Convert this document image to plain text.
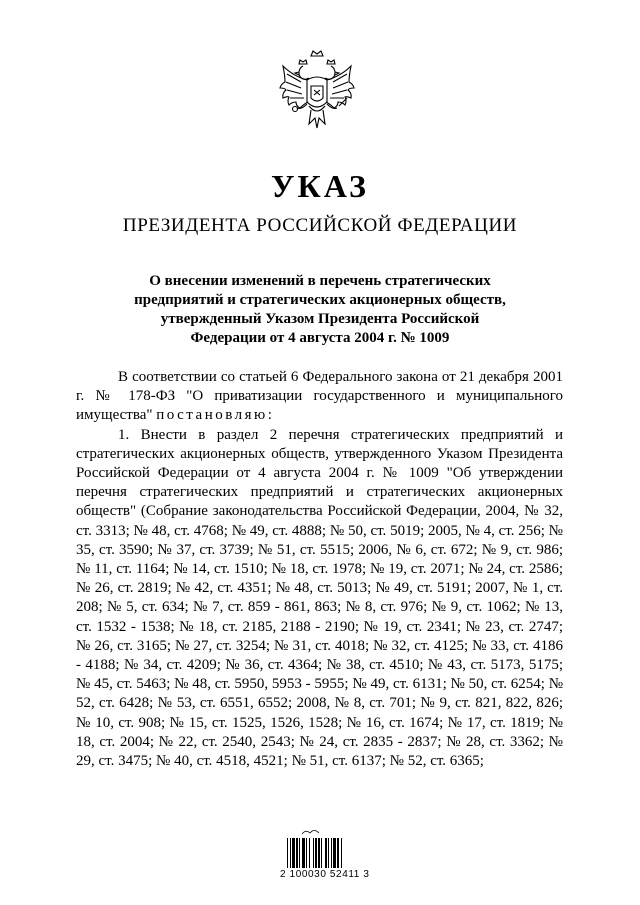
УКАЗ
ПРЕЗИДЕНТА РОССИЙСКОЙ ФЕДЕРАЦИИ
О внесении изменений в перечень стратегических
предприятий и стратегических акционерных обществ,
утвержденный Указом Президента Российской
Федерации от 4 августа 2004 г. № 1009

В соответствии со статьей 6 Федерального закона от 21 декабря 2001 г. № 178-ФЗ "О приватизации государственного и муниципального имущества" постановляю:

1. Внести в раздел 2 перечня стратегических предприятий и стратегических акционерных обществ, утвержденного Указом Президента Российской Федерации от 4 августа 2004 г. № 1009 "Об утверждении перечня стратегических предприятий и стратегических акционерных обществ" (Собрание законодательства Российской Федерации, 2004, № 32, ст. 3313; № 48, ст. 4768; № 49, ст. 4888; № 50, ст. 5019; 2005, № 4, ст. 256; № 35, ст. 3590; № 37, ст. 3739; № 51, ст. 5515; 2006, № 6, ст. 672; № 9, ст. 986; № 11, ст. 1164; № 14, ст. 1510; № 18, ст. 1978; № 19, ст. 2071; № 24, ст. 2586; № 26, ст. 2819; № 42, ст. 4351; № 48, ст. 5013; № 49, ст. 5191; 2007, № 1, ст. 208; № 5, ст. 634; № 7, ст. 859 - 861, 863; № 8, ст. 976; № 9, ст. 1062; № 13, ст. 1532 - 1538; № 18, ст. 2185, 2188 - 2190; № 19, ст. 2341; № 23, ст. 2747; № 26, ст. 3165; № 27, ст. 3254; № 31, ст. 4018; № 32, ст. 4125; № 33, ст. 4186 - 4188; № 34, ст. 4209; № 36, ст. 4364; № 38, ст. 4510; № 43, ст. 5173, 5175; № 45, ст. 5463; № 48, ст. 5950, 5953 - 5955; № 49, ст. 6131; № 50, ст. 6254; № 52, ст. 6428; № 53, ст. 6551, 6552; 2008, № 8, ст. 701; № 9, ст. 821, 822, 826; № 10, ст. 908; № 15, ст. 1525, 1526, 1528; № 16, ст. 1674; № 17, ст. 1819; № 18, ст. 2004; № 22, ст. 2540, 2543; № 24, ст. 2835 - 2837; № 28, ст. 3362; № 29, ст. 3475; № 40, ст. 4518, 4521; № 51, ст. 6137; № 52, ст. 6365;

2 100030 52411 3
